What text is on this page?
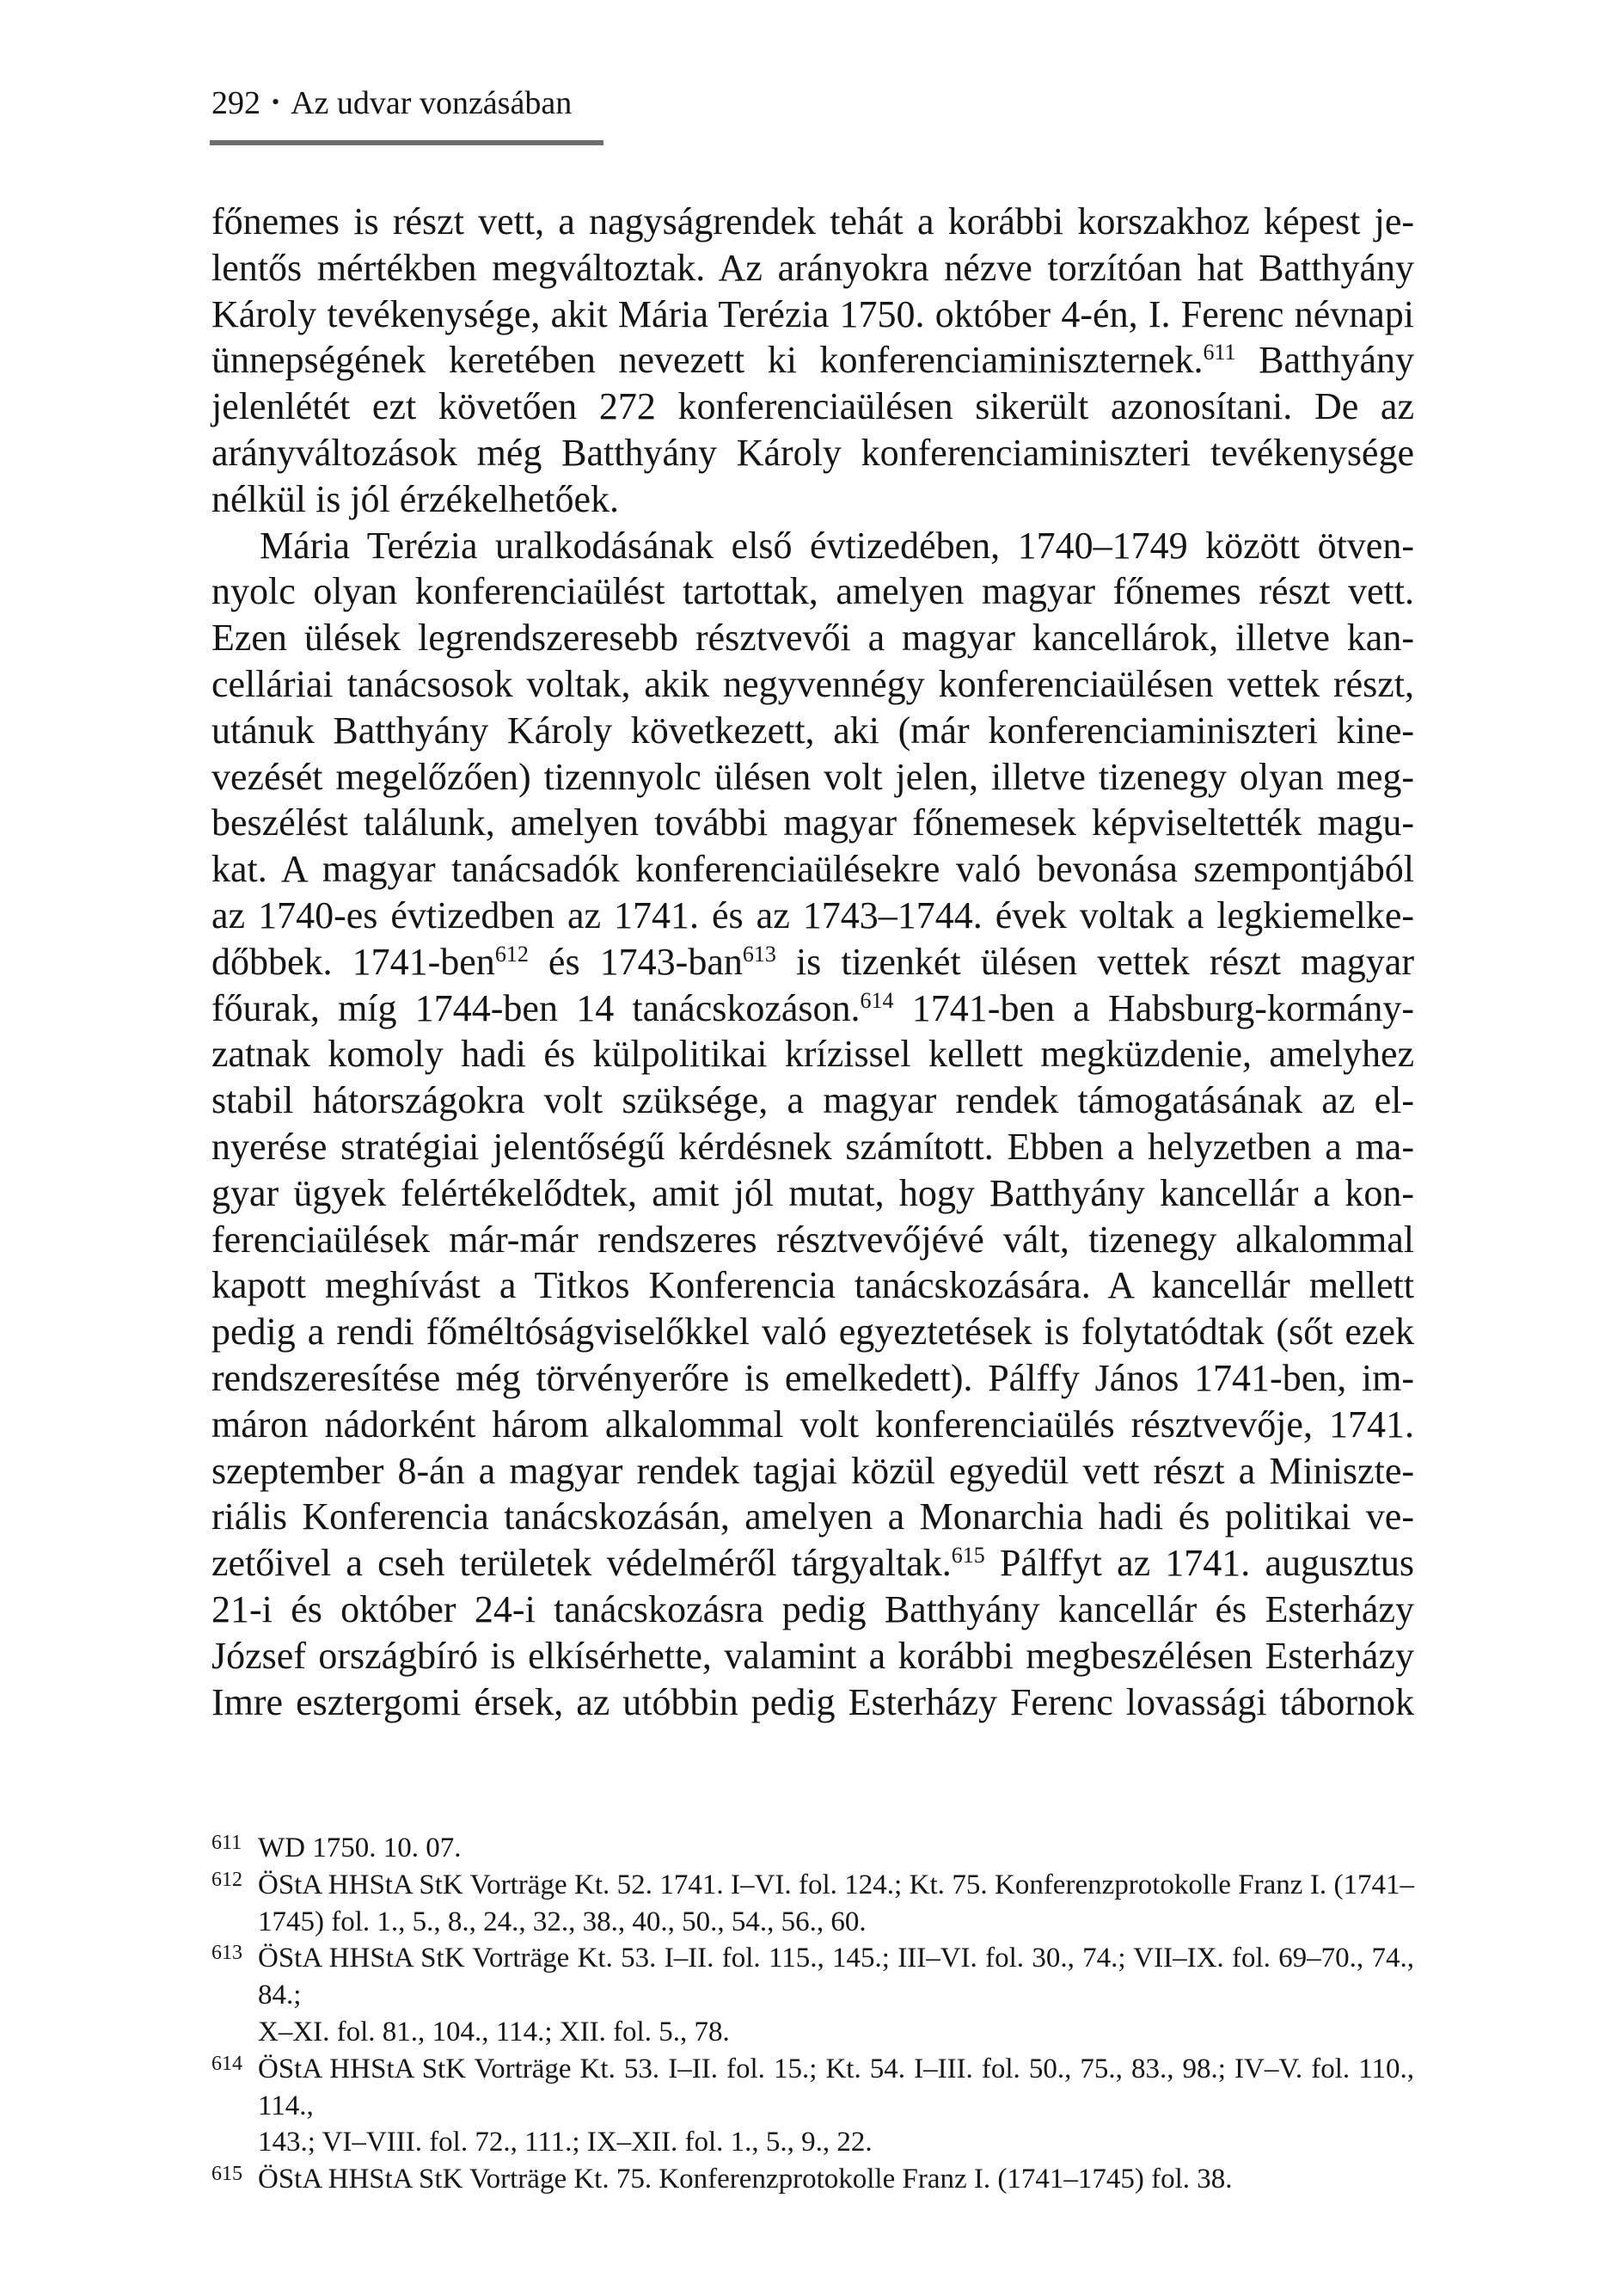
292 • Az udvar vonzásában
főnemes is részt vett, a nagyságrendek tehát a korábbi korszakhoz képest je-
lentős mértékben megváltoztak. Az arányokra nézve torzítóan hat Batthyány
Károly tevékenysége, akit Mária Terézia 1750. október 4-én, I. Ferenc névnapi
ünnepségének keretében nevezett ki konferenciaminiszternek.$^{611}$ Batthyány
jelenlétét ezt követően 272 konferenciaülésen sikerült azonosítani. De az
arányváltozások még Batthyány Károly konferenciaminiszteri tevékenysége
nélkül is jól érzékelhetőek.
Mária Terézia uralkodásának első évtizedében, 1740–1749 között ötven-
nyolc olyan konferenciaülést tartottak, amelyen magyar főnemes részt vett.
Ezen ülések legrendszeresebb résztvevői a magyar kancellárok, illetve kan-
celláriai tanácsosok voltak, akik negyvennégy konferenciaülésen vettek részt,
utánuk Batthyány Károly következett, aki (már konferenciaminiszteri kine-
vezését megelőzően) tizennyolc ülésen volt jelen, illetve tizenegy olyan meg-
beszélést találunk, amelyen további magyar főnemesek képviseltették magu-
kat. A magyar tanácsadók konferenciaülésekre való bevonása szempontjából
az 1740-es évtizedben az 1741. és az 1743–1744. évek voltak a legkiemelke-
dőbbek. 1741-ben$^{612}$ és 1743-ban$^{613}$ is tizenkét ülésen vettek részt magyar
főurak, míg 1744-ben 14 tanácskozáson.$^{614}$ 1741-ben a Habsburg-kormány-
zatnak komoly hadi és külpolitikai krízissel kellett megküzdenie, amelyhez
stabil hátországokra volt szüksége, a magyar rendek támogatásának az el-
nyerése stratégiai jelentőségű kérdésnek számított. Ebben a helyzetben a ma-
gyar ügyek felértékelődtek, amit jól mutat, hogy Batthyány kancellár a kon-
ferenciaülések már-már rendszeres résztvevőjévé vált, tizenegy alkalommal
kapott meghívást a Titkos Konferencia tanácskozására. A kancellár mellett
pedig a rendi főméltóságviselőkkel való egyeztetések is folytatódtak (sőt ezek
rendszeresítése még törvényerőre is emelkedett). Pálffy János 1741-ben, im-
máron nádorként három alkalommal volt konferenciaülés résztvevője, 1741.
szeptember 8-án a magyar rendek tagjai közül egyedül vett részt a Miniszte-
riális Konferencia tanácskozásán, amelyen a Monarchia hadi és politikai ve-
zetőivel a cseh területek védelméről tárgyaltak.$^{615}$ Pálffyt az 1741. augusztus
21-i és október 24-i tanácskozásra pedig Batthyány kancellár és Esterházy
József országbíró is elkísérhette, valamint a korábbi megbeszélésen Esterházy
Imre esztergomi érsek, az utóbbin pedig Esterházy Ferenc lovassági tábornok
611 WD 1750. 10. 07.
612 ÖStA HHStA StK Vorträge Kt. 52. 1741. I–VI. fol. 124.; Kt. 75. Konferenzprotokolle Franz I. (1741–
1745) fol. 1., 5., 8., 24., 32., 38., 40., 50., 54., 56., 60.
613 ÖStA HHStA StK Vorträge Kt. 53. I–II. fol. 115., 145.; III–VI. fol. 30., 74.; VII–IX. fol. 69–70., 74., 84.;
X–XI. fol. 81., 104., 114.; XII. fol. 5., 78.
614 ÖStA HHStA StK Vorträge Kt. 53. I–II. fol. 15.; Kt. 54. I–III. fol. 50., 75., 83., 98.; IV–V. fol. 110., 114.,
143.; VI–VIII. fol. 72., 111.; IX–XII. fol. 1., 5., 9., 22.
615 ÖStA HHStA StK Vorträge Kt. 75. Konferenzprotokolle Franz I. (1741–1745) fol. 38.
